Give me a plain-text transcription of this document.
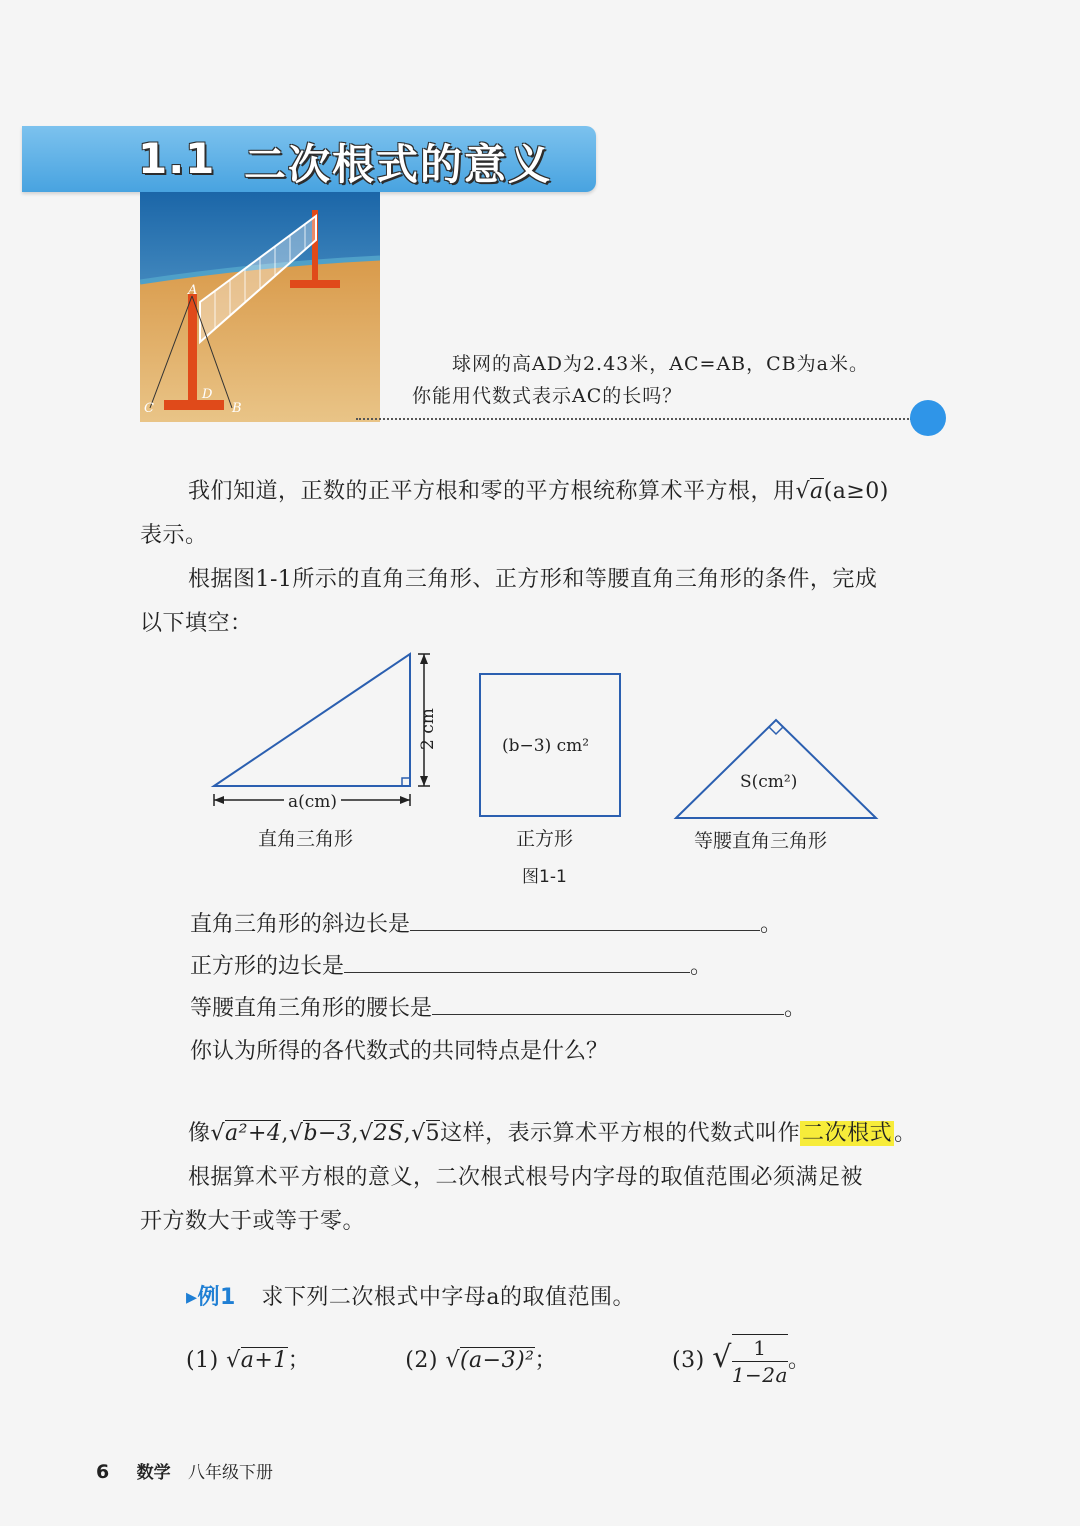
1.1 二次根式的意义
A
C
D
B
球网的高AD为2.43米，AC=AB，CB为a米。
你能用代数式表示AC的长吗？
我们知道，正数的正平方根和零的平方根统称算术平方根，用√a(a≥0)
表示。
根据图1-1所示的直角三角形、正方形和等腰直角三角形的条件，完成
以下填空：
2 cm
a(cm)
(b−3) cm²
S(cm²)
直角三角形	正方形	等腰直角三角形
图1-1
直角三角形的斜边长是	。
正方形的边长是	。
等腰直角三角形的腰长是	。
你认为所得的各代数式的共同特点是什么？
像√a²+4,√b−3,√2S,√5这样，表示算术平方根的代数式叫作二次根式。
根据算术平方根的意义，二次根式根号内字母的取值范围必须满足被
开方数大于或等于零。
▸例1 求下列二次根式中字母a的取值范围。
(1) √a+1；	(2) √(a−3)²；	(3) √ $\frac{1}{1-2a}$ 。
6 数学 八年级下册
